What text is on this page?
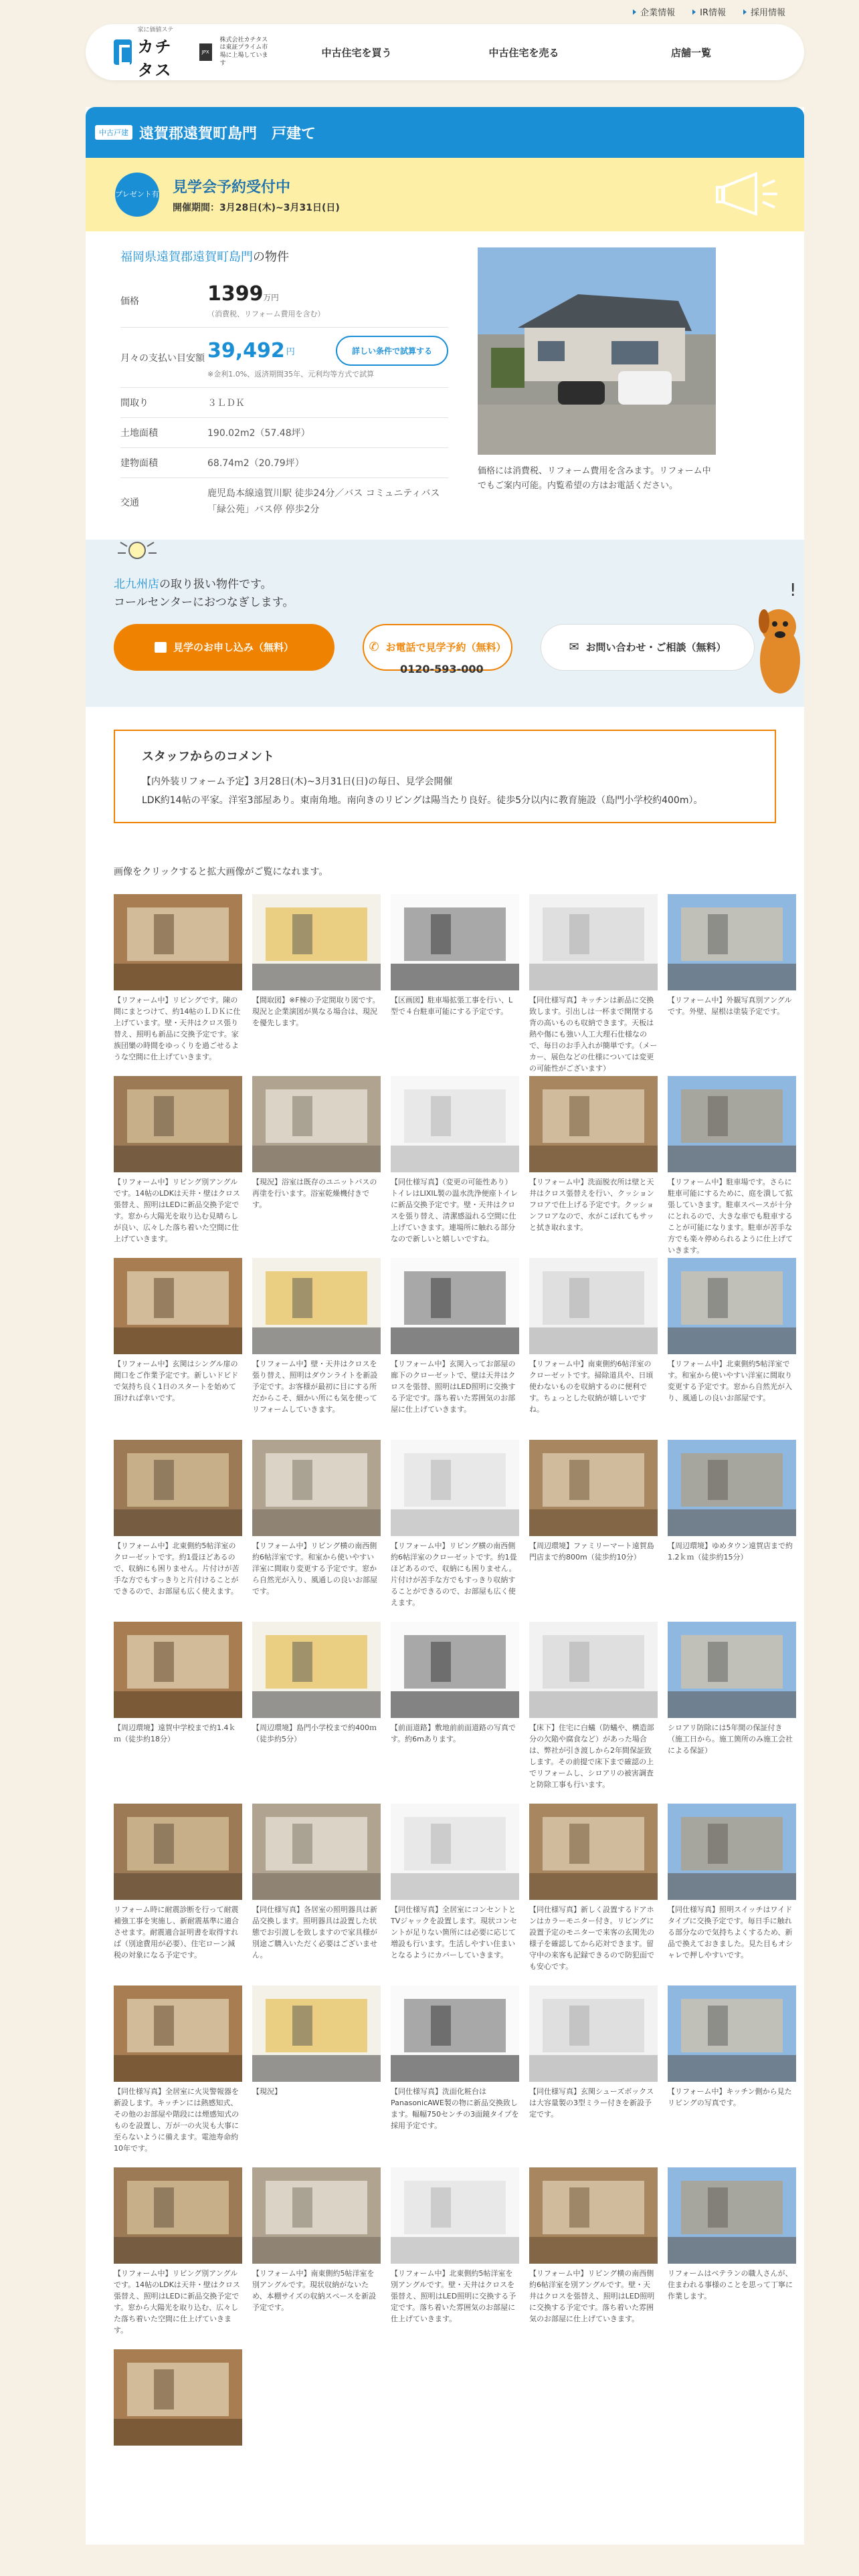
企業情報	IR情報	採用情報
家に価値ステ
カチタス
JPX
株式会社カチタスは東証プライム市場に上場しています
中古住宅を買う	中古住宅を売る	店舗一覧
中古戸建 遠賀郡遠賀町島門　戸建て
プレゼント有 見学会予約受付中
開催期間：3月28日(木)~3月31日(日)
福岡県遠賀郡遠賀町島門の物件
価格	1399万円
（消費税、リフォーム費用を含む）
月々の支払い目安額 39,492 円	詳しい条件で試算する
※金利1.0%、返済期間35年、元利均等方式で試算
間取り	３ＬＤＫ
土地面積	190.02m2（57.48坪）
建物面積	68.74m2（20.79坪）
交通
鹿児島本線遠賀川駅 徒歩24分／バス コミュニティバス「緑公苑」バス停 停歩2分

価格には消費税、リフォーム費用を含みます。リフォーム中でもご案内可能。内覧希望の方はお電話ください。

北九州店の取り扱い物件です。
コールセンターにおつなぎします。
見学のお申し込み（無料）	✆ お電話で見学予約（無料）	✉ お問い合わせ・ご相談（無料）
0120-593-000
!
スタッフからのコメント

【内外装リフォーム予定】3月28日(木)~3月31日(日)の毎日、見学会開催

LDK約14帖の平家。洋室3部屋あり。東南角地。南向きのリビングは陽当たり良好。徒歩5分以内に教育施設（島門小学校約400m）。

画像をクリックすると拡大画像がご覧になれます。

【リフォーム中】リビングです。陳の間にまとつけて、約14帖のＬＤＫに仕上げています。壁・天井はクロス張り替え、照明も新品に交換予定です。家族団欒の時間をゆっくりを過ごせるような空間に仕上げていきます。
【間取図】※F棟の予定間取り図です。現況と企業演図が異なる場合は、現況を優先します。
【区画図】駐車場拡張工事を行い、L型で４台駐車可能にする予定です。
【同仕様写真】キッチンは新品に交換致します。引出しは一杯まで開閉する背の高いものも収納できます。天板は熱や傷にも強い人工大理石仕様なので、毎日のお手入れが簡単です。（メーカー、展色などの仕様については変更の可能性がございます）
【リフォーム中】外観写真別アングルです。外壁、屋根は塗装予定です。
【リフォーム中】リビング別アングルです。14帖のLDKは天井・壁はクロス張替え、照明はLEDに新品交換予定です。窓から大陽光を取り込む見晴らしが良い、広々した落ち着いた空間に仕上げていきます。
【現況】浴室は既存のユニットバスの再塗を行います。浴室乾燥機付きです。
【同仕様写真】（変更の可能性あり）トイレはLIXIL製の温水洗浄便座トイレに新品交換予定です。壁・天井はクロスを張り替え、清潔感溢れる空間に仕上げていきます。連場所に触れる部分なので新しいと嬉しいですね。
【リフォーム中】洗面脱衣所は壁と天井はクロス張替えを行い、クッションフロアで仕上げる予定です。クッションフロアなので、水がこぼれてもサッと拭き取れます。
【リフォーム中】駐車場です。さらに駐車可能にするために、庭を潰して拡張していきます。駐車スペースが十分にとれるので、大きな車でも駐車することが可能になります。駐車が苦手な方でも楽々停められるように仕上げていきます。
【リフォーム中】玄関はシングル扉の間口をご作業予定です。新しいドビドで気持ち良く1日のスタートを始めて頂ければ幸いです。
【リフォーム中】壁・天井はクロスを張り替え、照明はダウンライトを新設予定です。お客様が最初に目にする所だからこそ、細かい所にも気を使ってリフォームしていきます。
【リフォーム中】玄関入ってお部屋の廊下のクローゼットで、壁は天井はクロスを張替、照明はLED照明に交換する予定です。落ち着いた雰囲気のお部屋に仕上げていきます。
【リフォーム中】南東側約6帖洋室のクローゼットです。掃除道具や、日頃使わないものを収納するのに便利です。ちょっとした収納が嬉しいですね。
【リフォーム中】北東側約5帖洋室です。和室から使いやすい洋室に間取り変更する予定です。窓から自然光が入り、風通しの良いお部屋です。
【リフォーム中】北東側約5帖洋室のクローゼットです。約1畳ほどあるので、収納にも困りません。片付けが苦手な方でもすっきりと片付けることができるので、お部屋も広く使えます。
【リフォーム中】リビング横の南西側約6帖洋室です。和室から使いやすい洋室に間取り変更する予定です。窓から自然光が入り、風通しの良いお部屋です。
【リフォーム中】リビング横の南西側約6帖洋室のクローゼットです。約1畳ほどあるので、収納にも困りません。片付けが苦手な方でもすっきり収納することができるので、お部屋も広く使えます。
【周辺環境】ファミリーマート遠賀島門店まで約800m（徒歩約10分）
【周辺環境】ゆめタウン遠賀店まで約1.2ｋｍ（徒歩約15分）
【周辺環境】遠賀中学校まで約1.4ｋｍ（徒歩約18分）
【周辺環境】島門小学校まで約400ｍ（徒歩約5分）
【前面道路】敷地前前面道路の写真です。約6mあります。
【床下】住宅に白蟻（防蟻や、構造部分の欠陥や腐食など）があった場合は、弊社が引き渡しから2年間保証致します。その前提で床下まで確認の上でリフォームし、シロアリの被害調査と防除工事も行います。
シロアリ防除には5年間の保証付き（施工日から。施工箇所のみ施工会社による保証）
リフォーム時に耐震診断を行って耐震補強工事を実施し、新耐震基準に適合させます。耐震適合証明書を取得すれば（別途費用が必要）、住宅ローン減税の対象になる予定です。
【同仕様写真】各居室の照明器具は新品交換します。照明器具は設置した状態でお引渡しを致しますので家具様が別途ご購入いただく必要はございません。
【同仕様写真】全居室にコンセントとTVジャックを設置します。現状コンセントが足りない箇所には必要に応じて増設も行います。生活しやすい住まいとなるようにカバーしていきます。
【同仕様写真】新しく設置するドアホンはカラーモニター付き。リビングに設置予定のモニターで来客の玄関先の様子を確認してから応対できます。留守中の来客も記録できるので防犯面でも安心です。
【同仕様写真】照明スイッチはワイドタイプに交換予定です。毎日手に触れる部分なので気持ちよくするため、新品で換えておきました。見た目もオシャレで押しやすいです。
【同仕様写真】全居室に火災警報器を新設します。キッチンには熱感知式、その他のお部屋や階段には煙感知式のものを設置し、万が一の火災も大事に至らないように備えます。電池寿命約10年です。
【現況】	【同仕様写真】洗面化粧台はPanasonicAWE製の物に新品交換致します。幅幅750センチの3面鏡タイプを採用予定です。
【同仕様写真】玄関シューズボックスは大容量製の3型ミラー付きを新設予定です。
【リフォーム中】キッチン側から見たリビングの写真です。
【リフォーム中】リビング別アングルです。14帖のLDKは天井・壁はクロス張替え、照明はLEDに新品交換予定です。窓から大陽光を取り込む、広々した落ち着いた空間に仕上げていきます。
【リフォーム中】南東側約5帖洋室を別アングルです。現状収納がないため、本棚サイズの収納スペースを新設予定です。
【リフォーム中】北東側約5帖洋室を別アングルです。壁・天井はクロスを張替え、照明はLED照明に交換する予定です。落ち着いた雰囲気のお部屋に仕上げていきます。
【リフォーム中】リビング横の南西側約6帖洋室を別アングルです。壁・天井はクロスを張替え、照明はLED照明に交換する予定です。落ち着いた雰囲気のお部屋に仕上げていきます。
リフォームはベテランの職人さんが、住まわれる事様のことを思って丁寧に作業します。
